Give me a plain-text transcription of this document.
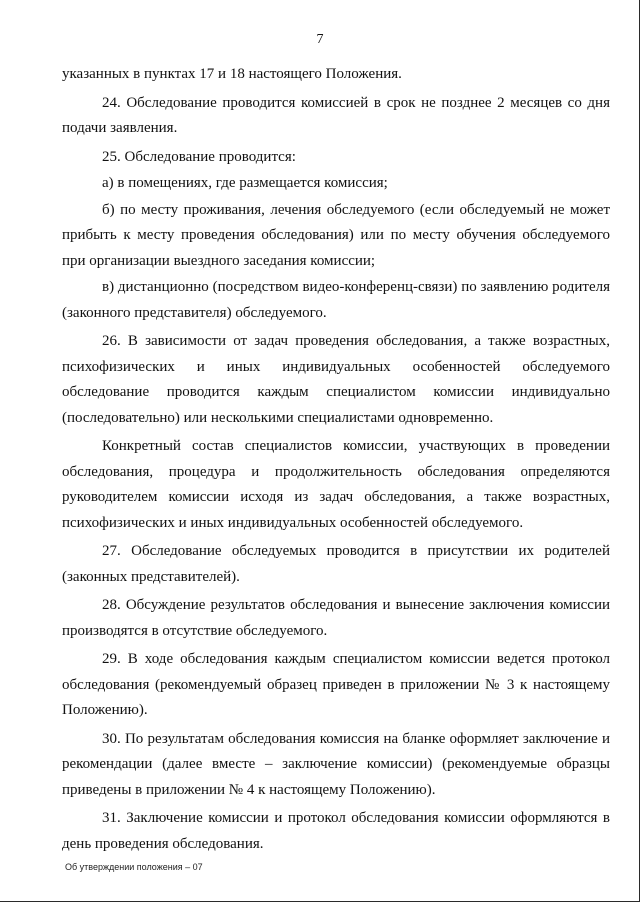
7

указанных в пунктах 17 и 18 настоящего Положения.

24. Обследование проводится комиссией в срок не позднее 2 месяцев со дня подачи заявления.

25. Обследование проводится:

а) в помещениях, где размещается комиссия;

б) по месту проживания, лечения обследуемого (если обследуемый не может прибыть к месту проведения обследования) или по месту обучения обследуемого при организации выездного заседания комиссии;

в) дистанционно (посредством видео-конференц-связи) по заявлению родителя (законного представителя) обследуемого.

26. В зависимости от задач проведения обследования, а также возрастных, психофизических и иных индивидуальных особенностей обследуемого обследование проводится каждым специалистом комиссии индивидуально (последовательно) или несколькими специалистами одновременно.

Конкретный состав специалистов комиссии, участвующих в проведении обследования, процедура и продолжительность обследования определяются руководителем комиссии исходя из задач обследования, а также возрастных, психофизических и иных индивидуальных особенностей обследуемого.

27. Обследование обследуемых проводится в присутствии их родителей (законных представителей).

28. Обсуждение результатов обследования и вынесение заключения комиссии производятся в отсутствие обследуемого.

29. В ходе обследования каждым специалистом комиссии ведется протокол обследования (рекомендуемый образец приведен в приложении № 3 к настоящему Положению).

30. По результатам обследования комиссия на бланке оформляет заключение и рекомендации (далее вместе – заключение комиссии) (рекомендуемые образцы приведены в приложении № 4 к настоящему Положению).

31. Заключение комиссии и протокол обследования комиссии оформляются в день проведения обследования.

Об утверждении положения – 07
